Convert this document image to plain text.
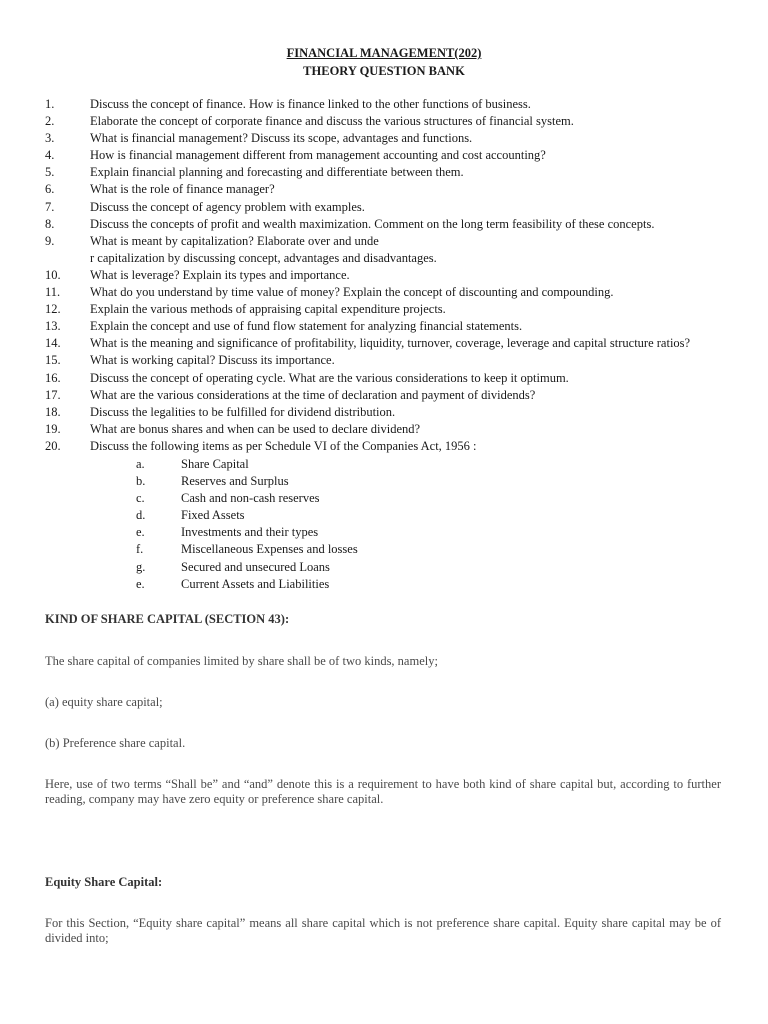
FINANCIAL MANAGEMENT(202)
THEORY QUESTION BANK
1.	Discuss the concept of finance. How is finance linked to the other functions of business.
2.	Elaborate the concept of corporate finance and discuss the various structures of financial system.
3.	What is financial management? Discuss its scope, advantages and functions.
4.	How is financial management different from management accounting and cost accounting?
5.	Explain financial planning and forecasting and differentiate between them.
6.	What is the role of finance manager?
7.	Discuss the concept of agency problem with examples.
8.	Discuss the concepts of profit and wealth maximization. Comment on the long term feasibility of these concepts.
9.	What is meant by capitalization? Elaborate over and unde
r capitalization by discussing concept, advantages and disadvantages.
10. What is leverage? Explain its types and importance.
11. What do you understand by time value of money? Explain the concept of discounting and compounding.
12. Explain the various methods of appraising capital expenditure projects.
13. Explain the concept and use of fund flow statement for analyzing financial statements.
14. What is the meaning and significance of profitability, liquidity, turnover, coverage, leverage and capital structure ratios?
15. What is working capital? Discuss its importance.
16. Discuss the concept of operating cycle. What are the various considerations to keep it optimum.
17. What are the various considerations at the time of declaration and payment of dividends?
18. Discuss the legalities to be fulfilled for dividend distribution.
19. What are bonus shares and when can be used to declare dividend?
20. Discuss the following items as per Schedule VI of the Companies Act, 1956 :
a.	Share Capital
b.	Reserves and Surplus
c.	Cash and non-cash reserves
d.	Fixed Assets
e.	Investments and their types
f.	Miscellaneous Expenses and losses
g.	Secured and unsecured Loans
e.	Current Assets and Liabilities
KIND OF SHARE CAPITAL (SECTION 43):
The share capital of companies limited by share shall be of two kinds, namely;
(a) equity share capital;
(b) Preference share capital.
Here, use of two terms “Shall be” and “and” denote this is a requirement to have both kind of share capital but, according to further reading, company may have zero equity or preference share capital.
Equity Share Capital:
For this Section, “Equity share capital” means all share capital which is not preference share capital. Equity share capital may be of divided into;
